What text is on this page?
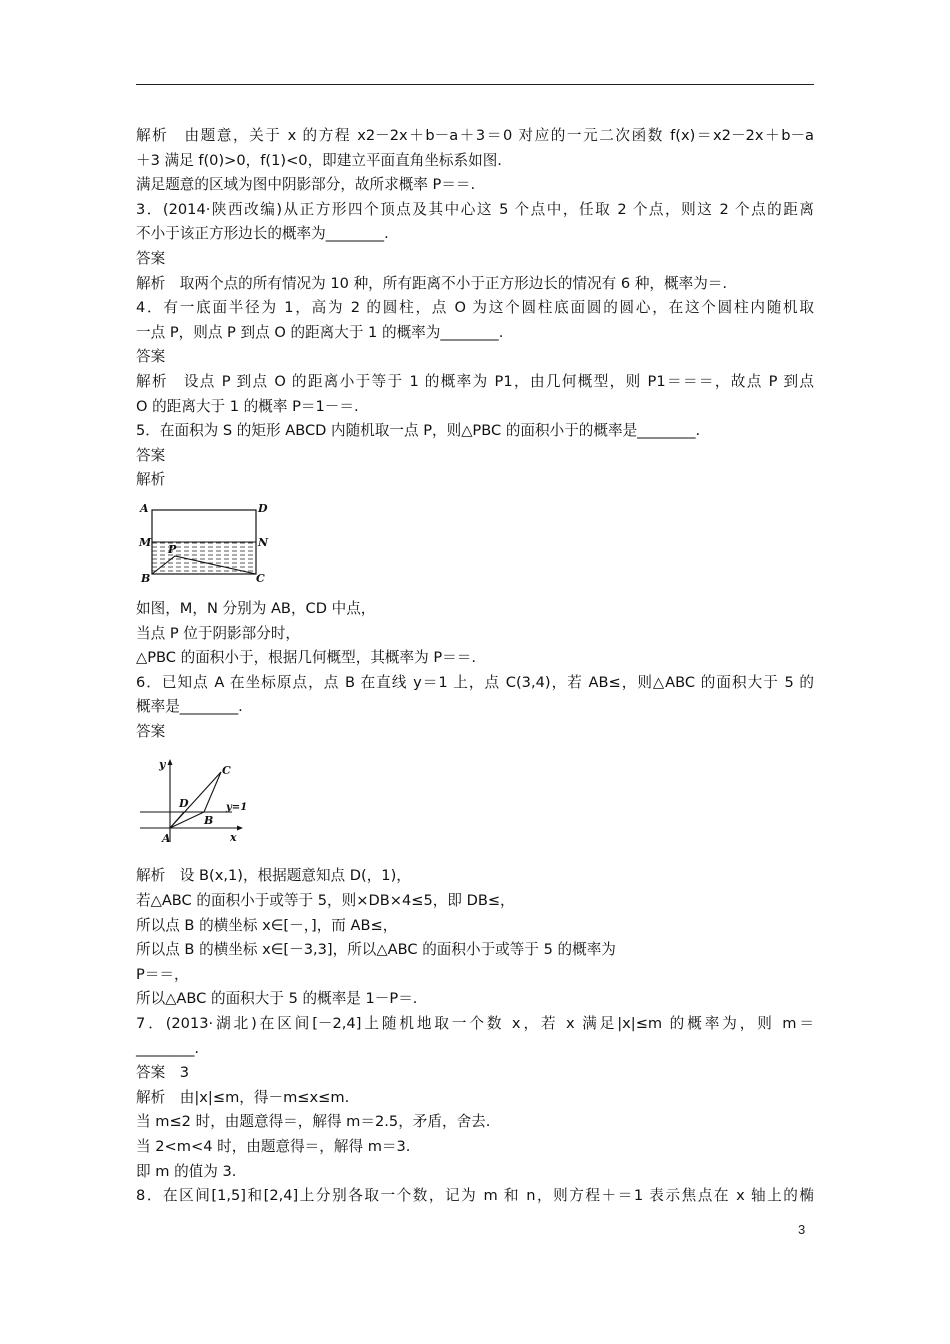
解析　由题意，关于 x 的方程 x2－2x＋b－a＋3＝0 对应的一元二次函数 f(x)＝x2－2x＋b－a

＋3 满足 f(0)>0，f(1)<0，即建立平面直角坐标系如图.

满足题意的区域为图中阴影部分，故所求概率 P＝＝.

3．(2014·陕西改编)从正方形四个顶点及其中心这 5 个点中，任取 2 个点，则这 2 个点的距离

不小于该正方形边长的概率为________.

答案

解析　取两个点的所有情况为 10 种，所有距离不小于正方形边长的情况有 6 种，概率为＝.

4．有一底面半径为 1，高为 2 的圆柱，点 O 为这个圆柱底面圆的圆心，在这个圆柱内随机取

一点 P，则点 P 到点 O 的距离大于 1 的概率为________.

答案

解析　设点 P 到点 O 的距离小于等于 1 的概率为 P1，由几何概型，则 P1＝＝＝，故点 P 到点

O 的距离大于 1 的概率 P＝1－＝.

5．在面积为 S 的矩形 ABCD 内随机取一点 P，则△PBC 的面积小于的概率是________.

答案

解析

A	D
M	N
P
B	C

如图，M，N 分别为 AB，CD 中点，

当点 P 位于阴影部分时，

△PBC 的面积小于，根据几何概型，其概率为 P＝＝.

6．已知点 A 在坐标原点，点 B 在直线 y＝1 上，点 C(3,4)，若 AB≤，则△ABC 的面积大于 5 的

概率是________.

答案

y
x
C
D
B
A
y=1

解析　设 B(x,1)，根据题意知点 D(，1)，

若△ABC 的面积小于或等于 5，则×DB×4≤5，即 DB≤，

所以点 B 的横坐标 x∈[－，]，而 AB≤，

所以点 B 的横坐标 x∈[－3,3]，所以△ABC 的面积小于或等于 5 的概率为

P＝＝，

所以△ABC 的面积大于 5 的概率是 1－P＝.

7．(2013·湖北)在区间[－2,4]上随机地取一个数 x，若 x 满足|x|≤m 的概率为，则 m＝

________.

答案　3

解析　由|x|≤m，得－m≤x≤m.

当 m≤2 时，由题意得＝，解得 m＝2.5，矛盾，舍去.

当 2<m<4 时，由题意得＝，解得 m＝3.

即 m 的值为 3.

8．在区间[1,5]和[2,4]上分别各取一个数，记为 m 和 n，则方程＋＝1 表示焦点在 x 轴上的椭

3
